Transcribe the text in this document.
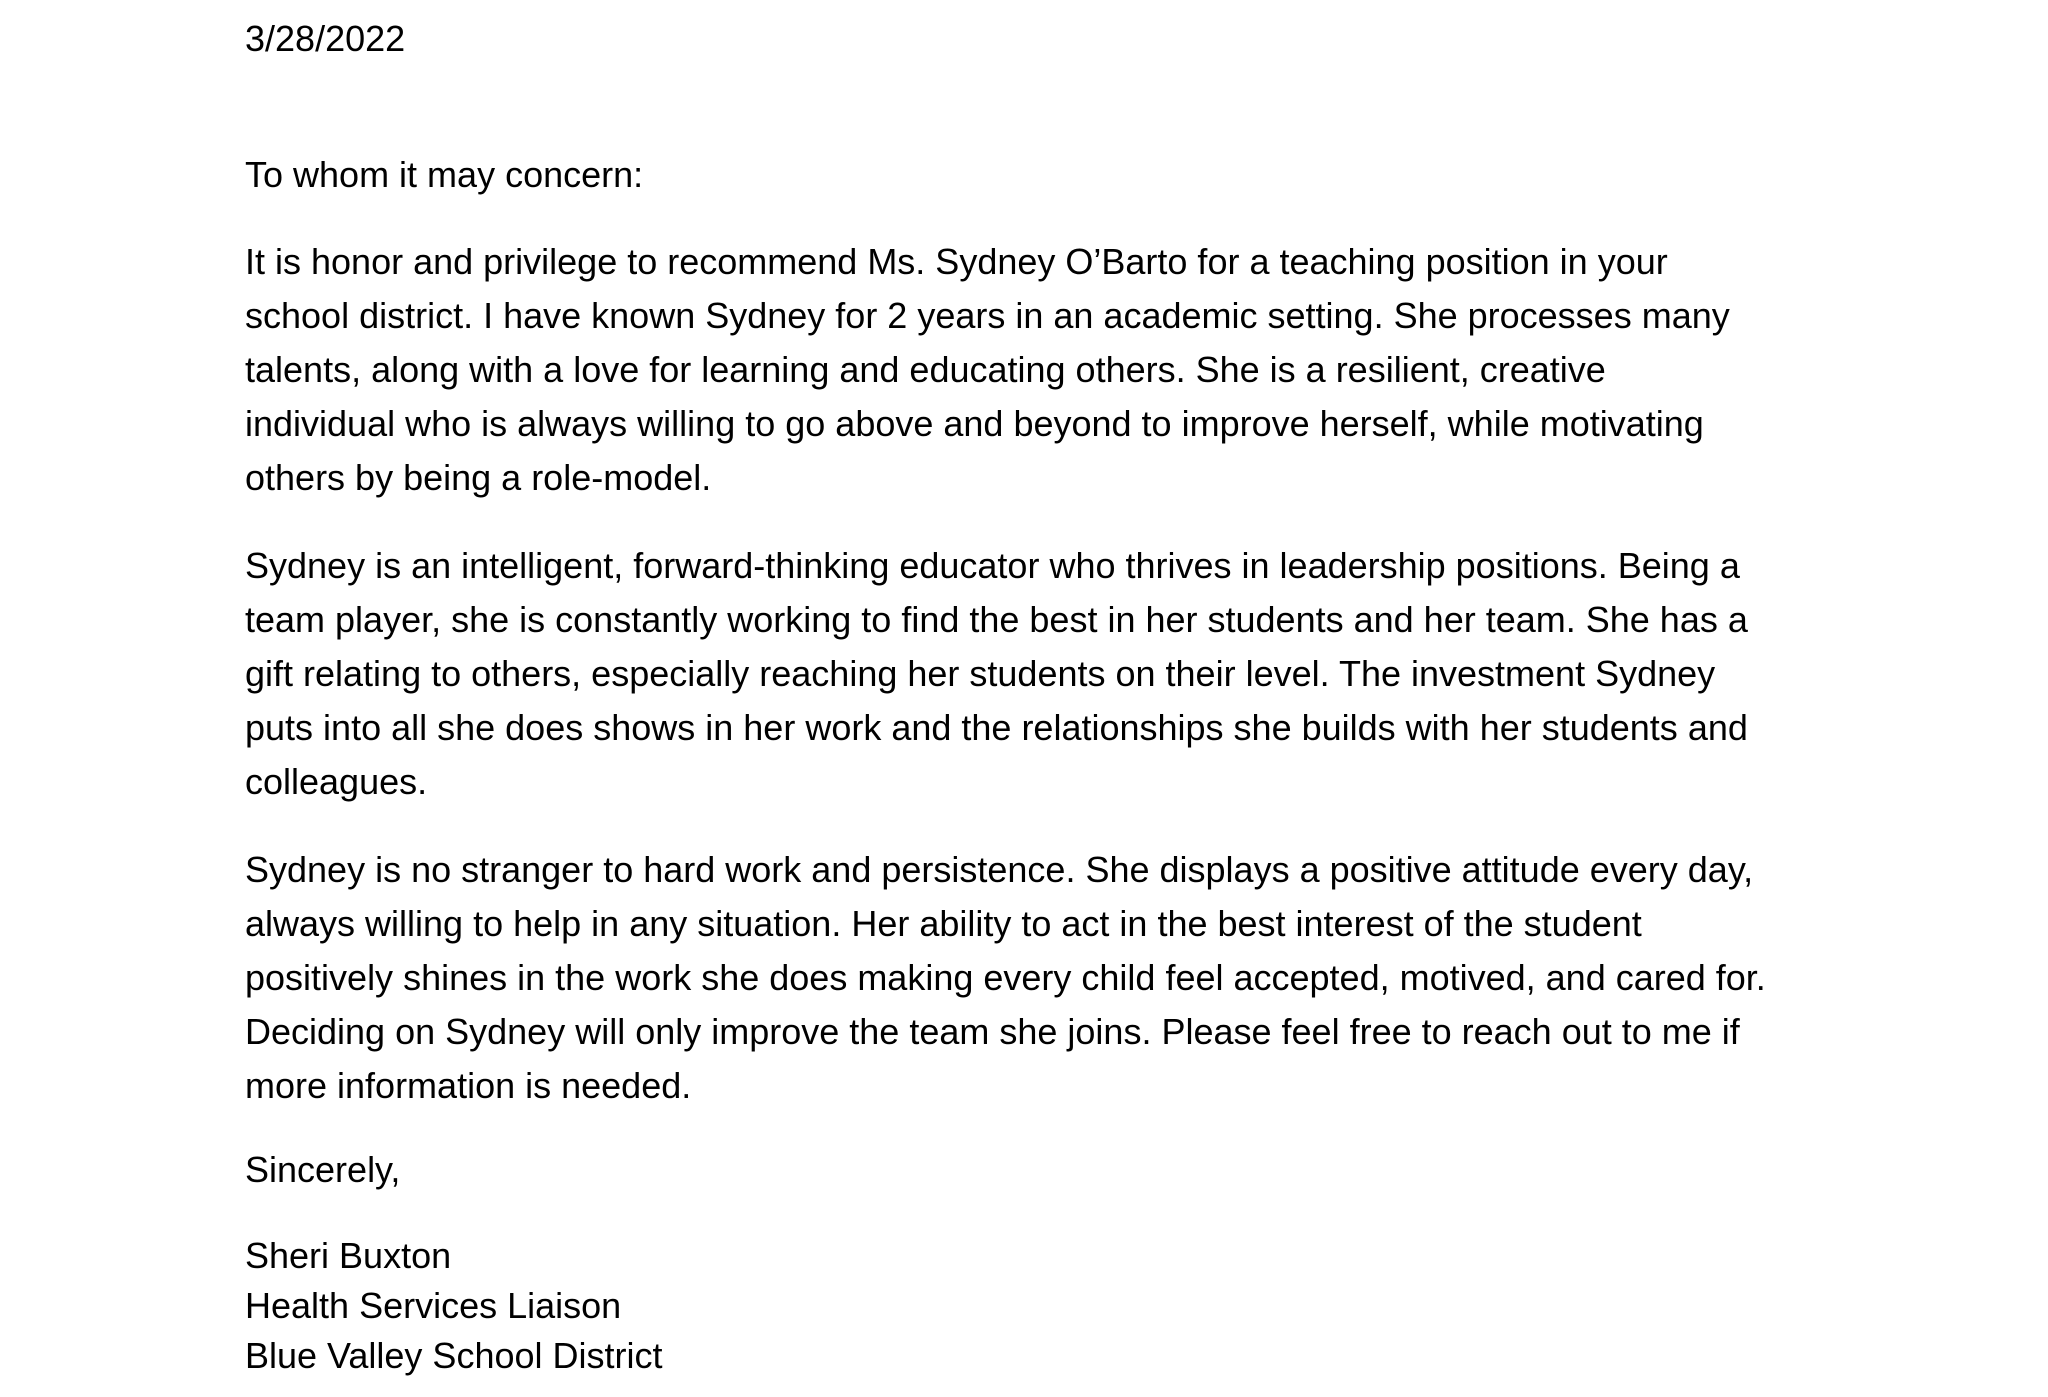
3/28/2022
To whom it may concern:
It is honor and privilege to recommend Ms. Sydney O’Barto for a teaching position in your
school district. I have known Sydney for 2 years in an academic setting. She processes many
talents, along with a love for learning and educating others. She is a resilient, creative
individual who is always willing to go above and beyond to improve herself, while motivating
others by being a role-model.
Sydney is an intelligent, forward-thinking educator who thrives in leadership positions. Being a
team player, she is constantly working to find the best in her students and her team. She has a
gift relating to others, especially reaching her students on their level. The investment Sydney
puts into all she does shows in her work and the relationships she builds with her students and
colleagues.
Sydney is no stranger to hard work and persistence. She displays a positive attitude every day,
always willing to help in any situation. Her ability to act in the best interest of the student
positively shines in the work she does making every child feel accepted, motived, and cared for.
Deciding on Sydney will only improve the team she joins. Please feel free to reach out to me if
more information is needed.
Sincerely,
Sheri Buxton
Health Services Liaison
Blue Valley School District
